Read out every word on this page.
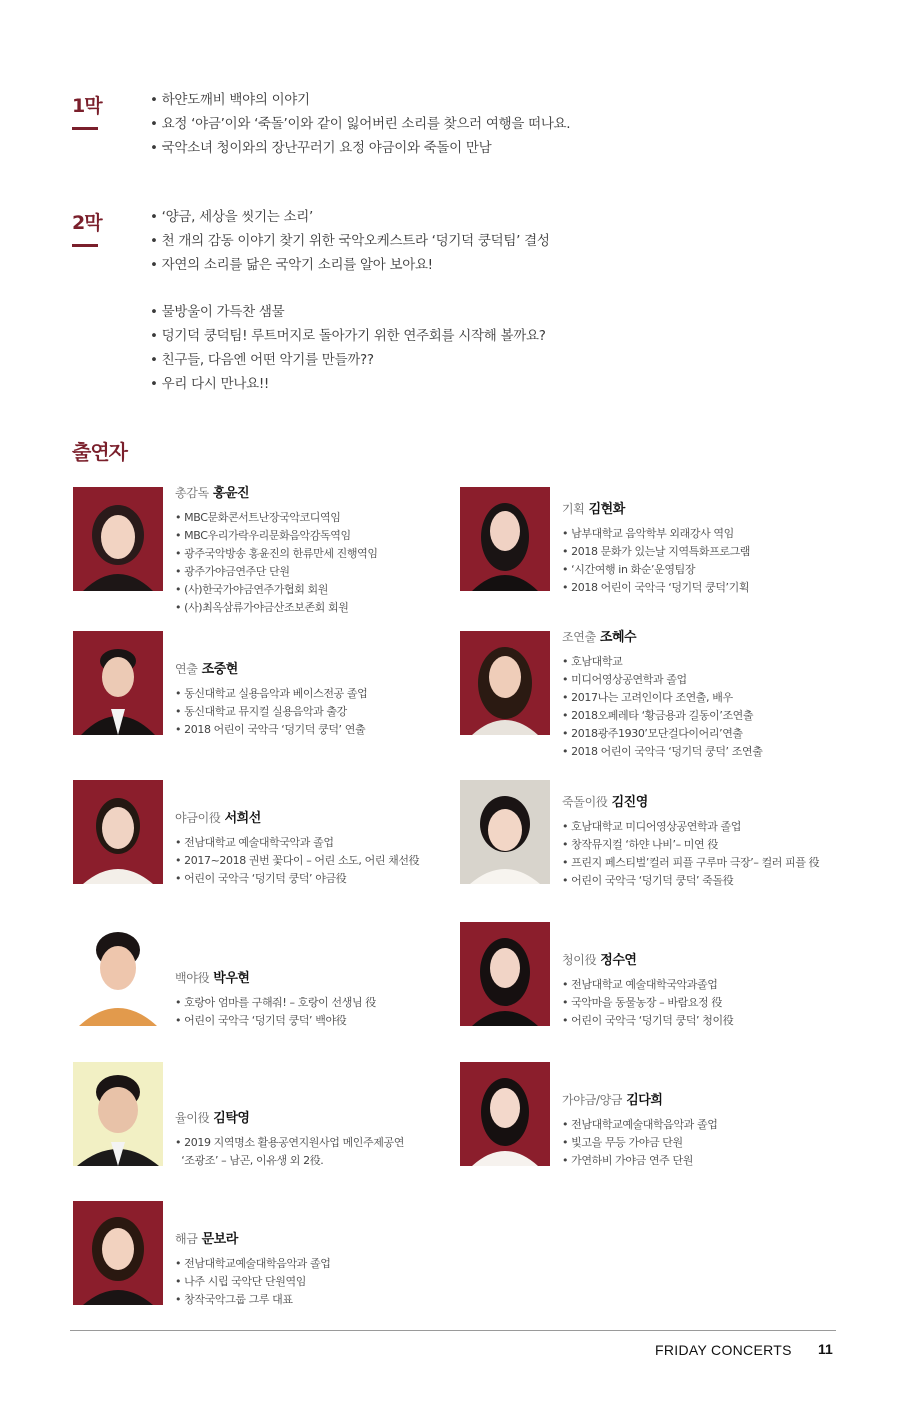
1막	• 하얀도깨비 백야의 이야기
• 요정 ‘야금’이와 ‘죽돌’이와 같이 잃어버린 소리를 찾으러 여행을 떠나요.
• 국악소녀 청이와의 장난꾸러기 요정 야금이와 죽돌이 만남
2막	• ‘양금, 세상을 씻기는 소리’
• 천 개의 감동 이야기 찾기 위한 국악오케스트라 ‘덩기덕 쿵덕팀’ 결성
• 자연의 소리를 닮은 국악기 소리를 알아 보아요!
• 물방울이 가득찬 샘물
• 덩기덕 쿵덕팀! 루트머지로 돌아가기 위한 연주회를 시작해 볼까요?
• 친구들, 다음엔 어떤 악기를 만들까??
• 우리 다시 만나요!!
출연자
총감독 홍윤진
• MBC문화콘서트난장국악코디역임
• MBC우리가락우리문화음악감독역임
• 광주국악방송 홍윤진의 한류만세 진행역임
• 광주가야금연주단 단원
• (사)한국가야금연주가협회 회원
• (사)최옥삼류가야금산조보존회 회원
기획 김현화
• 남부대학교 음악학부 외래강사 역임
• 2018 문화가 있는날 지역특화프로그램
• ‘시간여행 in 화순’운영팀장
• 2018 어린이 국악극 ‘덩기덕 쿵덕’기획
연출 조중현
• 동신대학교 실용음악과 베이스전공 졸업
• 동신대학교 뮤지컬 실용음악과 출강
• 2018 어린이 국악극 ‘덩기덕 쿵덕’ 연출
조연출 조혜수
• 호남대학교
• 미디어영상공연학과 졸업
• 2017나는 고려인이다 조연출, 배우
• 2018오페레타 ‘황금용과 길동이’조연출
• 2018광주1930’모단걸다이어리’연출
• 2018 어린이 국악극 ‘덩기덕 쿵덕’ 조연출
야금이役 서희선
• 전남대학교 예술대학국악과 졸업
• 2017~2018 권번 꽃다이 – 어린 소도, 어린 채선役
• 어린이 국악극 ‘덩기덕 쿵덕’ 야금役
죽돌이役 김진영
• 호남대학교 미디어영상공연학과 졸업
• 창작뮤지컬 ‘하얀 나비’– 미연 役
• 프린지 페스티벌’컬러 피플 구루마 극장’– 컬러 피플 役
• 어린이 국악극 ‘덩기덕 쿵덕’ 죽돌役
백야役 박우현
• 호랑아 엄마를 구해줘! – 호랑이 선생님 役
• 어린이 국악극 ‘덩기덕 쿵덕’ 백야役
청이役 정수연
• 전남대학교 예술대학국악과졸업
• 국악마을 동물농장 – 바람요정 役
• 어린이 국악극 ‘덩기덕 쿵덕’ 청이役
율이役 김탁영
• 2019 지역명소 활용공연지원사업 메인주제공연
‘조광조’ – 남곤, 이유생 외 2役.
가야금/양금 김다희
• 전남대학교예술대학음악과 졸업
• 빛고을 무등 가야금 단원
• 가연하비 가야금 연주 단원
해금 문보라
• 전남대학교예술대학음악과 졸업
• 나주 시립 국악단 단원역임
• 창작국악그룹 그루 대표
FRIDAY CONCERTS 11
